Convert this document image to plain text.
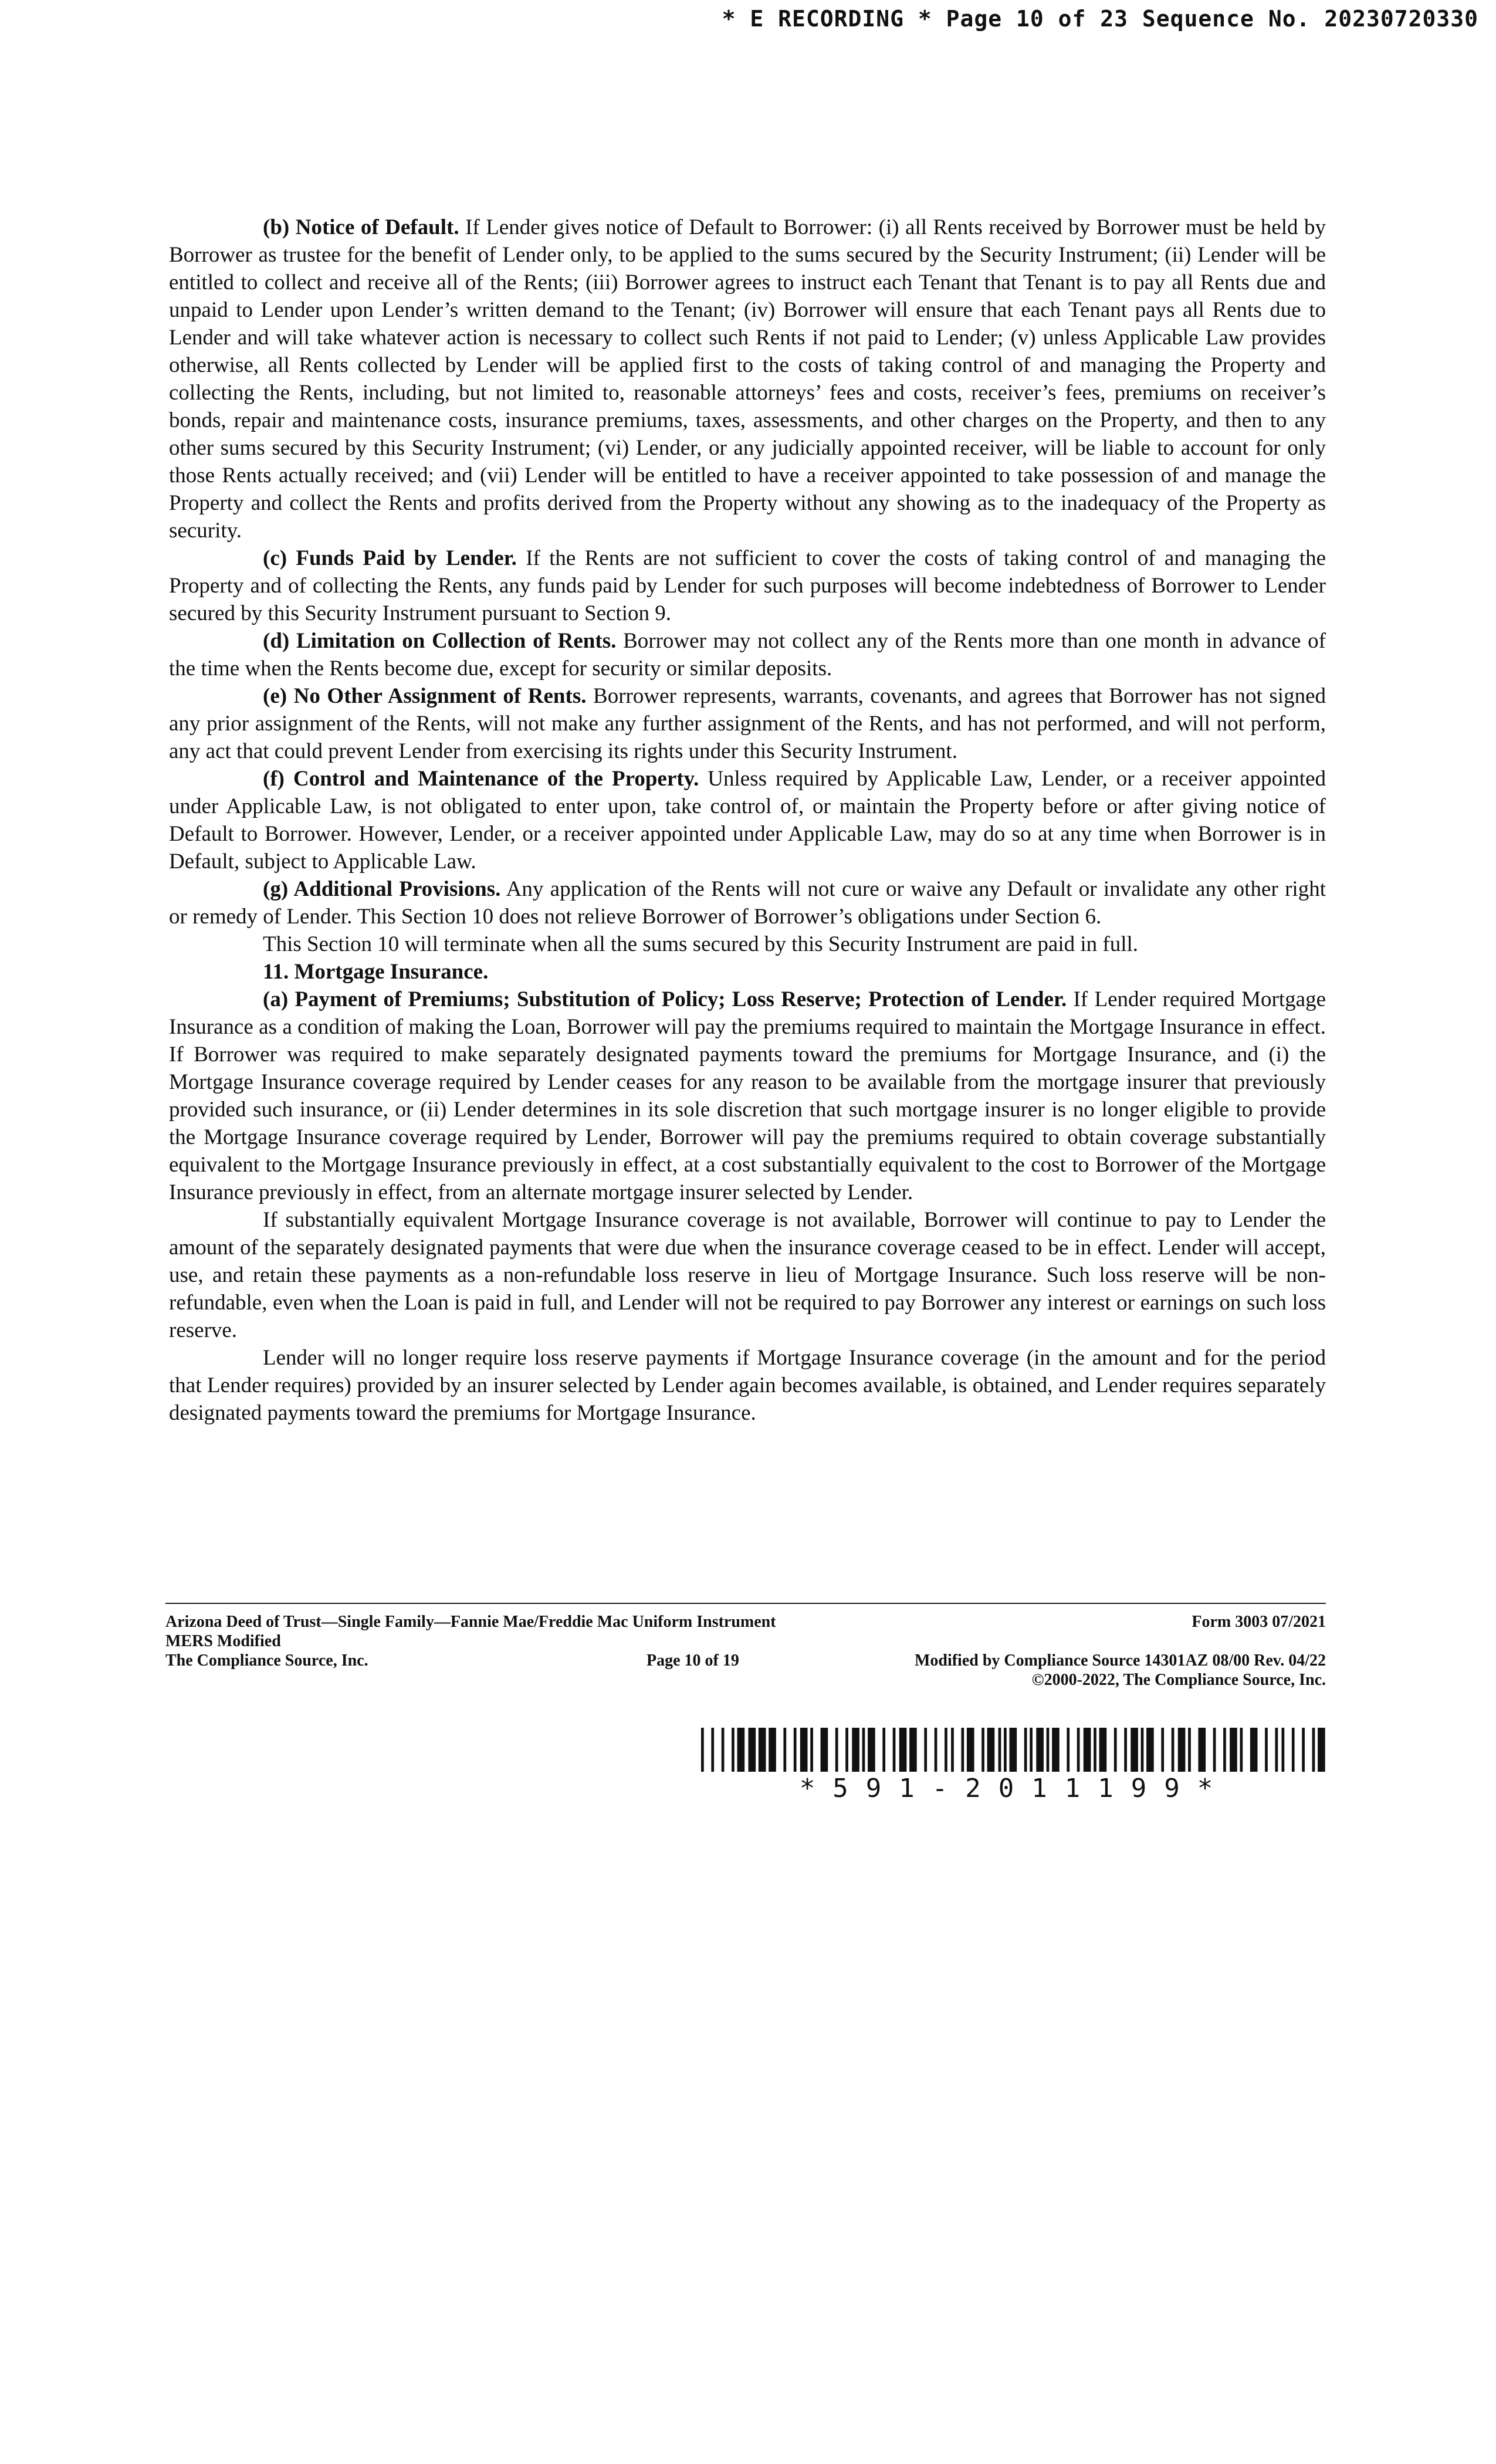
* E RECORDING * Page 10 of 23 Sequence No. 20230720330

(b) Notice of Default. If Lender gives notice of Default to Borrower: (i) all Rents received by Borrower must be held by Borrower as trustee for the benefit of Lender only, to be applied to the sums secured by the Security Instrument; (ii) Lender will be entitled to collect and receive all of the Rents; (iii) Borrower agrees to instruct each Tenant that Tenant is to pay all Rents due and unpaid to Lender upon Lender’s written demand to the Tenant; (iv) Borrower will ensure that each Tenant pays all Rents due to Lender and will take whatever action is necessary to collect such Rents if not paid to Lender; (v) unless Applicable Law provides otherwise, all Rents collected by Lender will be applied first to the costs of taking control of and managing the Property and collecting the Rents, including, but not limited to, reasonable attorneys’ fees and costs, receiver’s fees, premiums on receiver’s bonds, repair and maintenance costs, insurance premiums, taxes, assessments, and other charges on the Property, and then to any other sums secured by this Security Instrument; (vi) Lender, or any judicially appointed receiver, will be liable to account for only those Rents actually received; and (vii) Lender will be entitled to have a receiver appointed to take possession of and manage the Property and collect the Rents and profits derived from the Property without any showing as to the inadequacy of the Property as security.

(c) Funds Paid by Lender. If the Rents are not sufficient to cover the costs of taking control of and managing the Property and of collecting the Rents, any funds paid by Lender for such purposes will become indebtedness of Borrower to Lender secured by this Security Instrument pursuant to Section 9.

(d) Limitation on Collection of Rents. Borrower may not collect any of the Rents more than one month in advance of the time when the Rents become due, except for security or similar deposits.

(e) No Other Assignment of Rents. Borrower represents, warrants, covenants, and agrees that Borrower has not signed any prior assignment of the Rents, will not make any further assignment of the Rents, and has not performed, and will not perform, any act that could prevent Lender from exercising its rights under this Security Instrument.

(f) Control and Maintenance of the Property. Unless required by Applicable Law, Lender, or a receiver appointed under Applicable Law, is not obligated to enter upon, take control of, or maintain the Property before or after giving notice of Default to Borrower. However, Lender, or a receiver appointed under Applicable Law, may do so at any time when Borrower is in Default, subject to Applicable Law.

(g) Additional Provisions. Any application of the Rents will not cure or waive any Default or invalidate any other right or remedy of Lender. This Section 10 does not relieve Borrower of Borrower’s obligations under Section 6.

This Section 10 will terminate when all the sums secured by this Security Instrument are paid in full.

11. Mortgage Insurance.

(a) Payment of Premiums; Substitution of Policy; Loss Reserve; Protection of Lender. If Lender required Mortgage Insurance as a condition of making the Loan, Borrower will pay the premiums required to maintain the Mortgage Insurance in effect. If Borrower was required to make separately designated payments toward the premiums for Mortgage Insurance, and (i) the Mortgage Insurance coverage required by Lender ceases for any reason to be available from the mortgage insurer that previously provided such insurance, or (ii) Lender determines in its sole discretion that such mortgage insurer is no longer eligible to provide the Mortgage Insurance coverage required by Lender, Borrower will pay the premiums required to obtain coverage substantially equivalent to the Mortgage Insurance previously in effect, at a cost substantially equivalent to the cost to Borrower of the Mortgage Insurance previously in effect, from an alternate mortgage insurer selected by Lender.

If substantially equivalent Mortgage Insurance coverage is not available, Borrower will continue to pay to Lender the amount of the separately designated payments that were due when the insurance coverage ceased to be in effect. Lender will accept, use, and retain these payments as a non-refundable loss reserve in lieu of Mortgage Insurance. Such loss reserve will be non-refundable, even when the Loan is paid in full, and Lender will not be required to pay Borrower any interest or earnings on such loss reserve.

Lender will no longer require loss reserve payments if Mortgage Insurance coverage (in the amount and for the period that Lender requires) provided by an insurer selected by Lender again becomes available, is obtained, and Lender requires separately designated payments toward the premiums for Mortgage Insurance.

Arizona Deed of Trust—Single Family—Fannie Mae/Freddie Mac Uniform Instrument	Form 3003 07/2021
MERS Modified
The Compliance Source, Inc.	Page 10 of 19	Modified by Compliance Source 14301AZ 08/00 Rev. 04/22
©2000-2022, The Compliance Source, Inc.
*591-2011199*
